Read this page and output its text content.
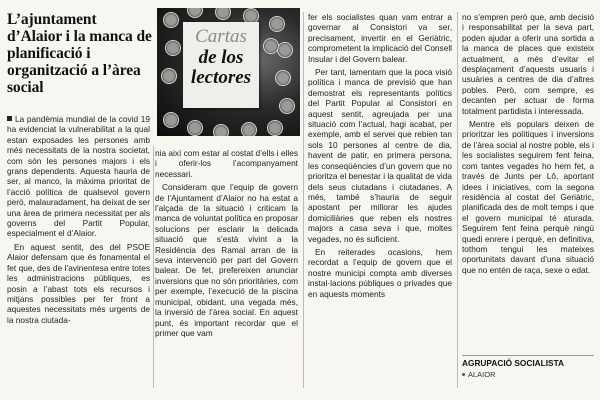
L’ajuntament d’Alaior i la manca de planificació i organització a l’àrea social
Cartas
de los
lectores

La pandèmia mundial de la covid 19 ha evidenciat la vulnerabilitat a la qual estan exposades les persones amb més necessitats de la nostra societat, com són les persones majors i els grans dependents. Aquesta hauria de ser, al manco, la màxima prioritat de l’acció política de qualsevol govern però, malauradament, ha deixat de ser una àrea de primera necessitat per als governs del Partit Popular, especialment el d’Alaior.

En aquest sentit, des del PSOE Alaior defensam que és fonamental el fet que, des de l’avinentesa entre totes les administracions públiques, es posin a l’abast tots els recursos i mitjans possibles per fer front a aquestes necessitats més urgents de la nostra ciutada-

nia així com estar al costat d’ells i elles i oferir-los l’acompanyament necessari.

Consideram que l’equip de govern de l’Ajuntament d’Alaior no ha estat a l’alçada de la situació i criticam la manca de voluntat política en proposar solucions per esclarir la delicada situació que s’està vivint a la Residència des Ramal arran de la seva intervenció per part del Govern balear. De fet, prefereixen anunciar inversions que no són prioritàries, com per exemple, l’execució de la piscina municipal, obidant, una vegada més, la inversió de l’àrea social. En aquest punt, és important recordar que el primer que vam

fer els socialistes quan vam entrar a governar al Consistori va ser, precisament, invertir en el Geriàtric, comprometent la implicació del Consell Insular i del Govern balear.

Per tant, lamentam que la poca visió política i manca de previsió que han demostrat els representants polítics del Partit Popular al Consistori en aquest sentit, agreujada per una situació com l’actual, hagi acabat, per exemple, amb el servei que rebien tan sols 10 persones al centre de dia, havent de patir, en primera persona, les conseqüències d’un govern que no prioritza el benestar i la qualitat de vida dels seus ciutadans i ciutadanes. A més, també s’hauria de seguir apostant per millorar les ajudes domiciliàries que reben els nostres majors a casa seva i que, moltes vegades, no és suficient.

En reiterades ocasions, hem recordat a l’equip de govern que el nostre municipi compta amb diverses instal·lacions públiques o privades que en aquests moments

no s’empren però que, amb decisió i responsabilitat per la seva part, poden ajudar a oferir una sortida a la manca de places que existeix actualment, a més d’evitar el desplaçament d’aquests usuaris i usuàries a centres de dia d’altres pobles. Però, com sempre, es decanten per actuar de forma totalment partidista i interessada.

Mentre els populars deixen de prioritzar les polítiques i inversions de l’àrea social al nostre poble, els i les socialistes seguirem fent feina, com tantes vegades ho hem fet, a través de Junts per Lô, aportant idees i iniciatives, com la segona residència al costat del Geriàtric, planificada des de molt temps i que el govern municipal té aturada. Seguirem fent feina perquè ningú quedi enrere i perquè, en definitiva, tothom tengui les mateixes oportunitats davant d’una situació que no entén de raça, sexe o edat.

AGRUPACIÓ SOCIALISTA
ALAIOR
